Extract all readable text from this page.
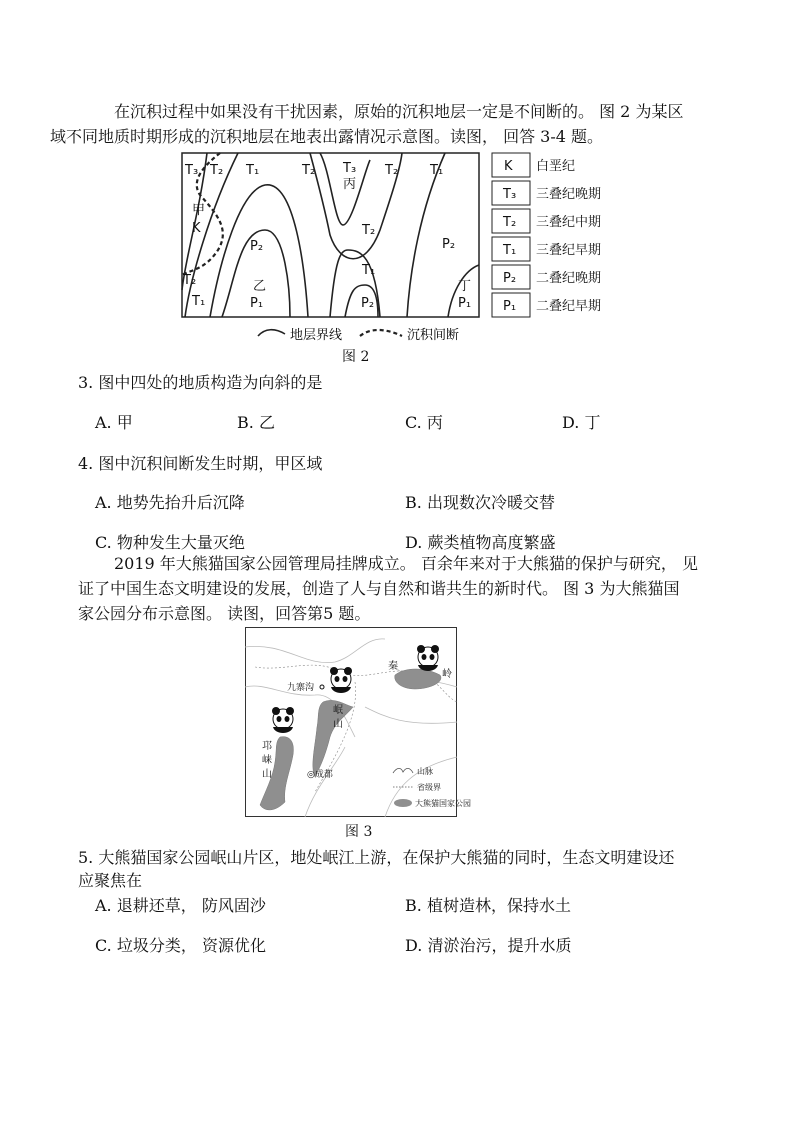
在沉积过程中如果没有干扰因素，原始的沉积地层一定是不间断的。 图 2 为某区
域不同地质时期形成的沉积地层在地表出露情况示意图。读图， 回答 3-4 题。
T₃ T₂ T₁	T₂ T₃
丙
T₂ T₁
甲
K
P₂
T₂
P₂
T₁
T₂	乙
P₁
丁
T₁	P₂	P₁
K 白垩纪
T₃ 三叠纪晚期
T₂ 三叠纪中期
T₁ 三叠纪早期
P₂ 二叠纪晚期
P₁ 二叠纪早期
地层界线	沉积间断
图 2
3. 图中四处的地质构造为向斜的是
A. 甲	B. 乙	C. 丙	D. 丁
4. 图中沉积间断发生时期，甲区域
A. 地势先抬升后沉降	B. 出现数次冷暖交替
C. 物种发生大量灭绝	D. 蕨类植物高度繁盛
2019 年大熊猫国家公园管理局挂牌成立。 百余年来对于大熊猫的保护与研究， 见
证了中国生态文明建设的发展，创造了人与自然和谐共生的新时代。 图 3 为大熊猫国
家公园分布示意图。 读图，回答第5 题。
秦
岭
九寨沟
岷
山
邛
崃
山	◎成都	山脉
省级界
大熊猫国家公园
图 3
5. 大熊猫国家公园岷山片区，地处岷江上游，在保护大熊猫的同时，生态文明建设还
应聚焦在
A. 退耕还草， 防风固沙	B. 植树造林，保持水土
C. 垃圾分类， 资源优化	D. 清淤治污，提升水质
